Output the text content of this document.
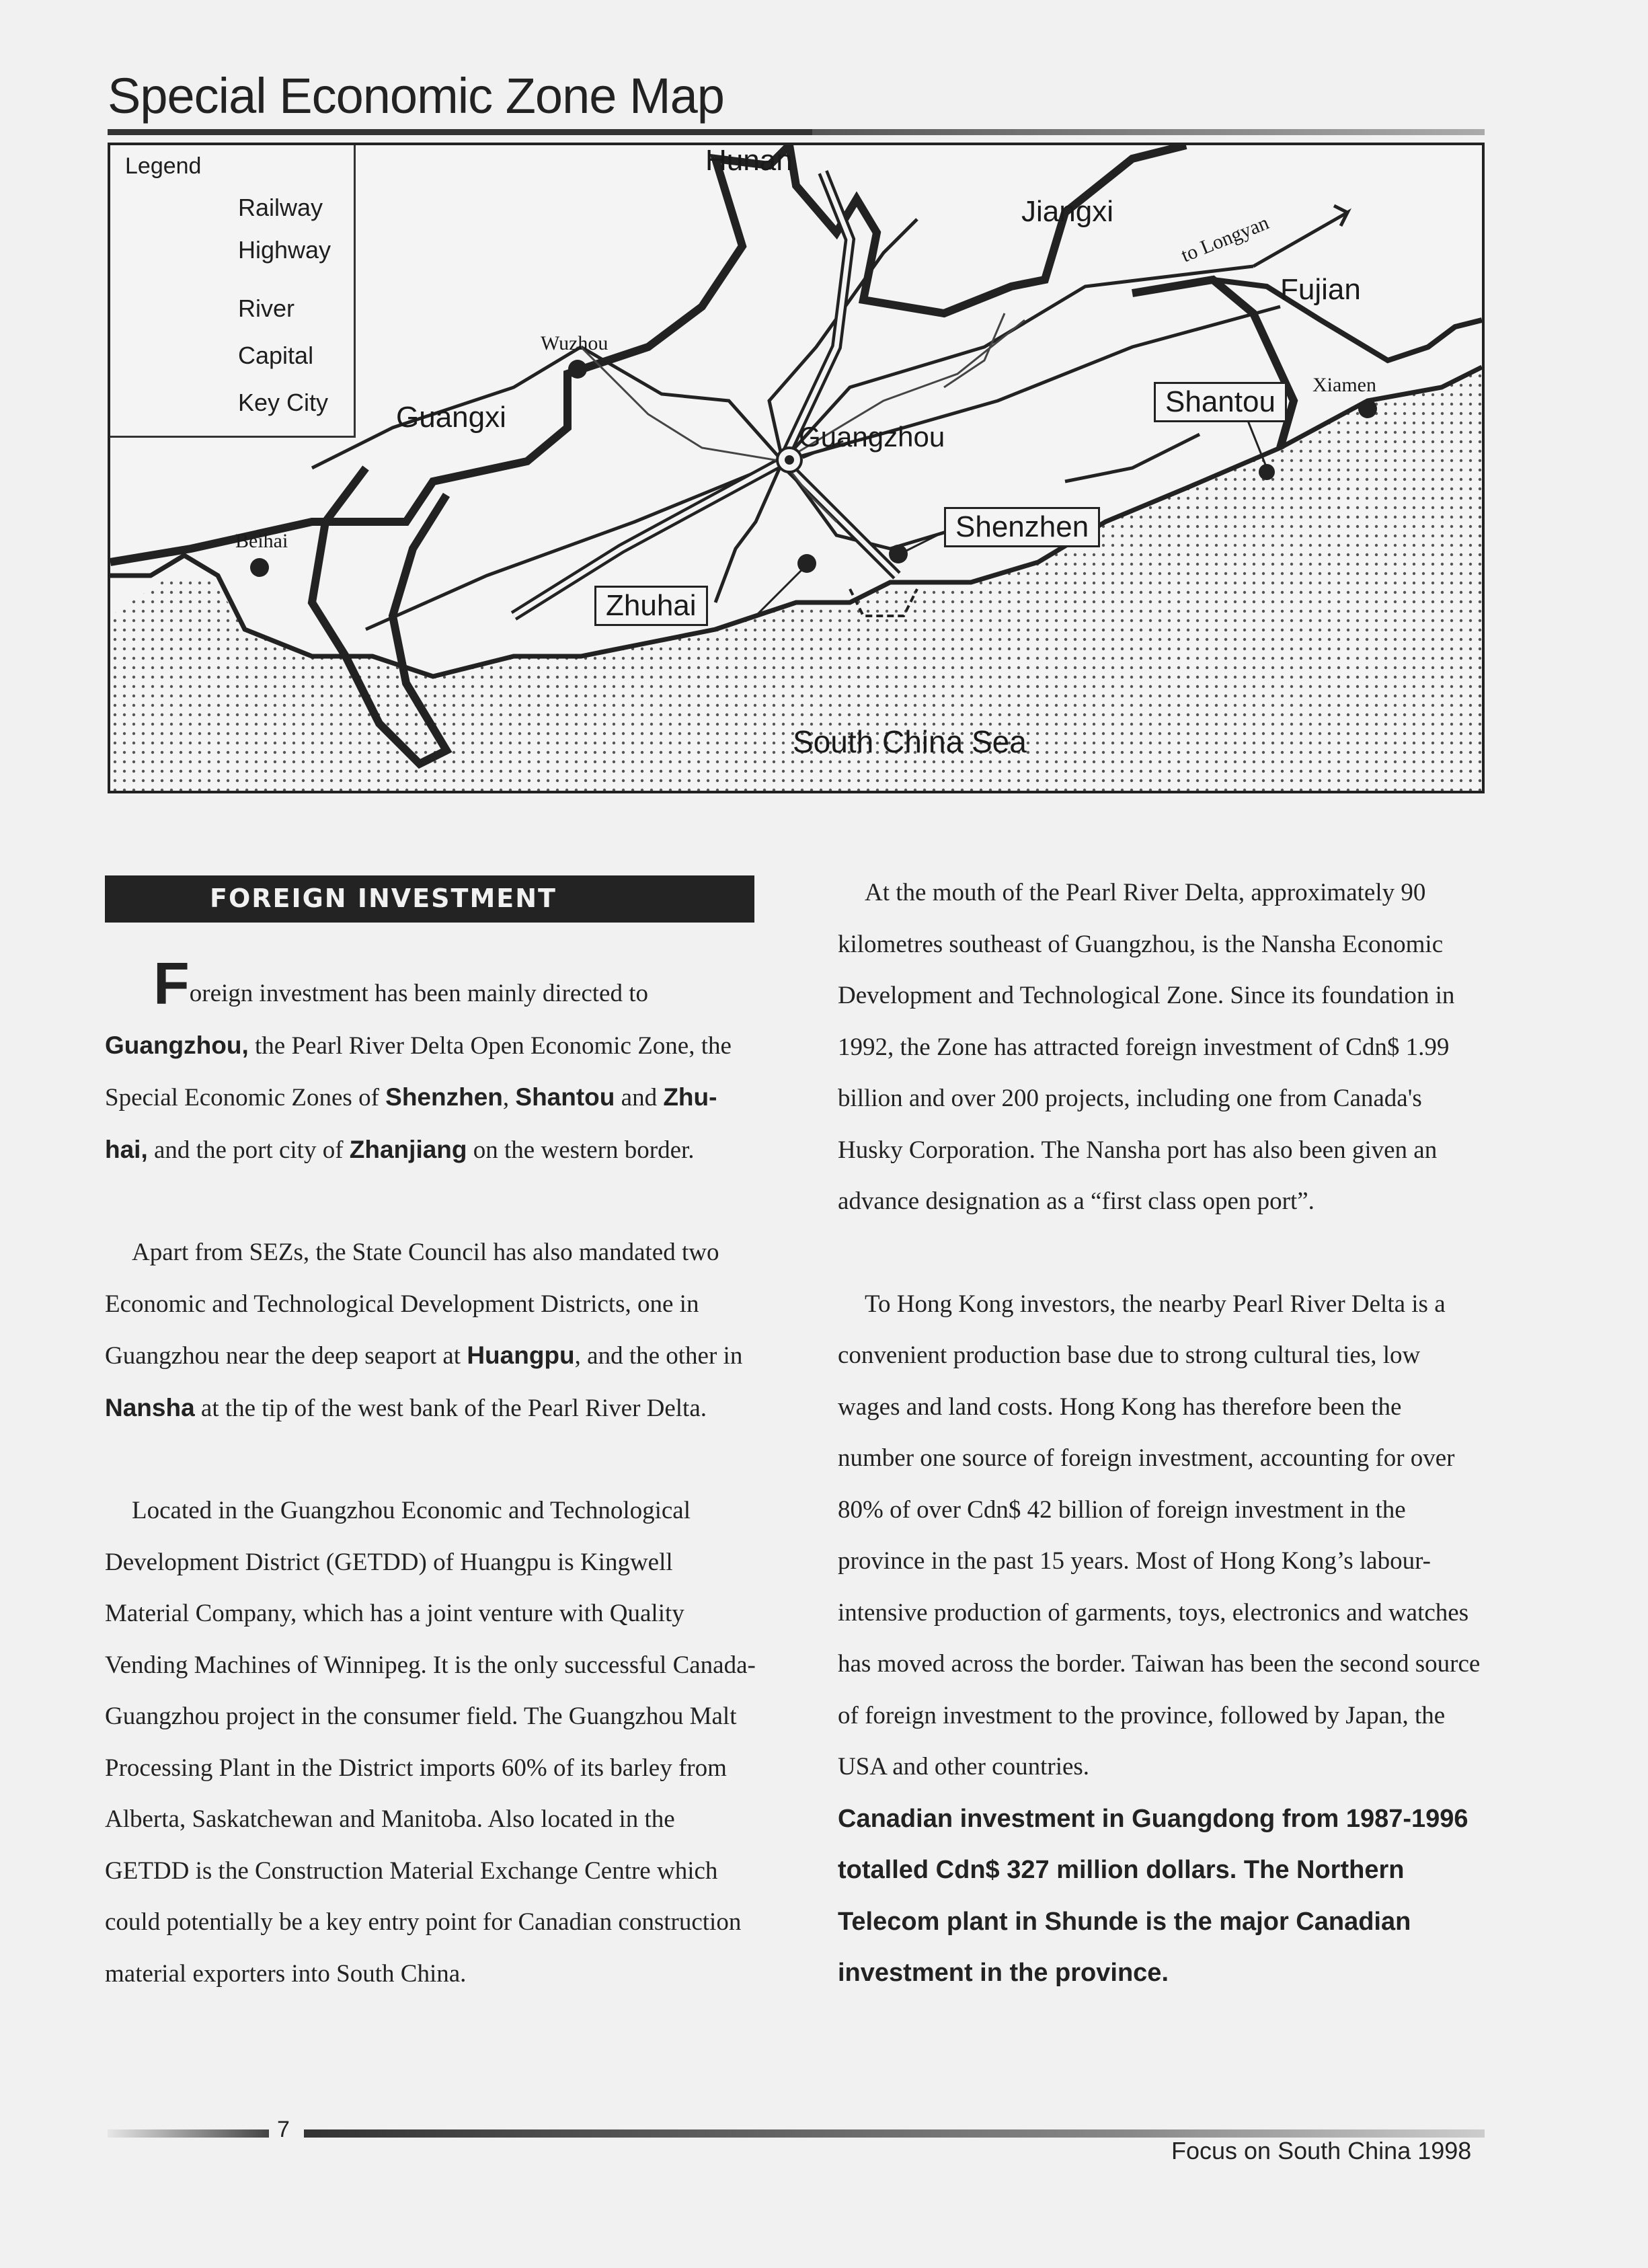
Special Economic Zone Map
Legend
Railway
Highway
River
Capital
Key City
Hunan
Jiangxi
Fujian
Guangxi
Guangzhou
Wuzhou
Beihai
Xiamen
to Longyan
South China Sea
Shantou
Shenzhen
Zhuhai
FOREIGN INVESTMENT

Foreign investment has been mainly directed to
Guangzhou, the Pearl River Delta Open Economic Zone, the Special Economic Zones of Shenzhen, Shantou and Zhu-hai, and the port city of Zhanjiang on the western border.

Apart from SEZs, the State Council has also mandated two Economic and Technological Development Districts, one in Guangzhou near the deep seaport at Huangpu, and the other in Nansha at the tip of the west bank of the Pearl River Delta.

Located in the Guangzhou Economic and Technological Development District (GETDD) of Huangpu is Kingwell Material Company, which has a joint venture with Quality Vending Machines of Winnipeg. It is the only successful Canada-Guangzhou project in the consumer field. The Guangzhou Malt Processing Plant in the District imports 60% of its barley from Alberta, Saskatchewan and Manitoba. Also located in the GETDD is the Construction Material Exchange Centre which could potentially be a key entry point for Canadian construction material exporters into South China.

At the mouth of the Pearl River Delta, approximately 90 kilometres southeast of Guangzhou, is the Nansha Economic Development and Technological Zone. Since its foundation in 1992, the Zone has attracted foreign investment of Cdn$ 1.99 billion and over 200 projects, including one from Canada's Husky Corporation. The Nansha port has also been given an advance designation as a “first class open port”.

To Hong Kong investors, the nearby Pearl River Delta is a convenient production base due to strong cultural ties, low wages and land costs. Hong Kong has therefore been the number one source of foreign investment, accounting for over 80% of over Cdn$ 42 billion of foreign investment in the province in the past 15 years. Most of Hong Kong’s labour-intensive production of garments, toys, electronics and watches has moved across the border. Taiwan has been the second source of foreign investment to the province, followed by Japan, the USA and other countries.

Canadian investment in Guangdong from 1987-1996 totalled Cdn$ 327 million dollars. The Northern Telecom plant in Shunde is the major Canadian investment in the province.

7
Focus on South China 1998
